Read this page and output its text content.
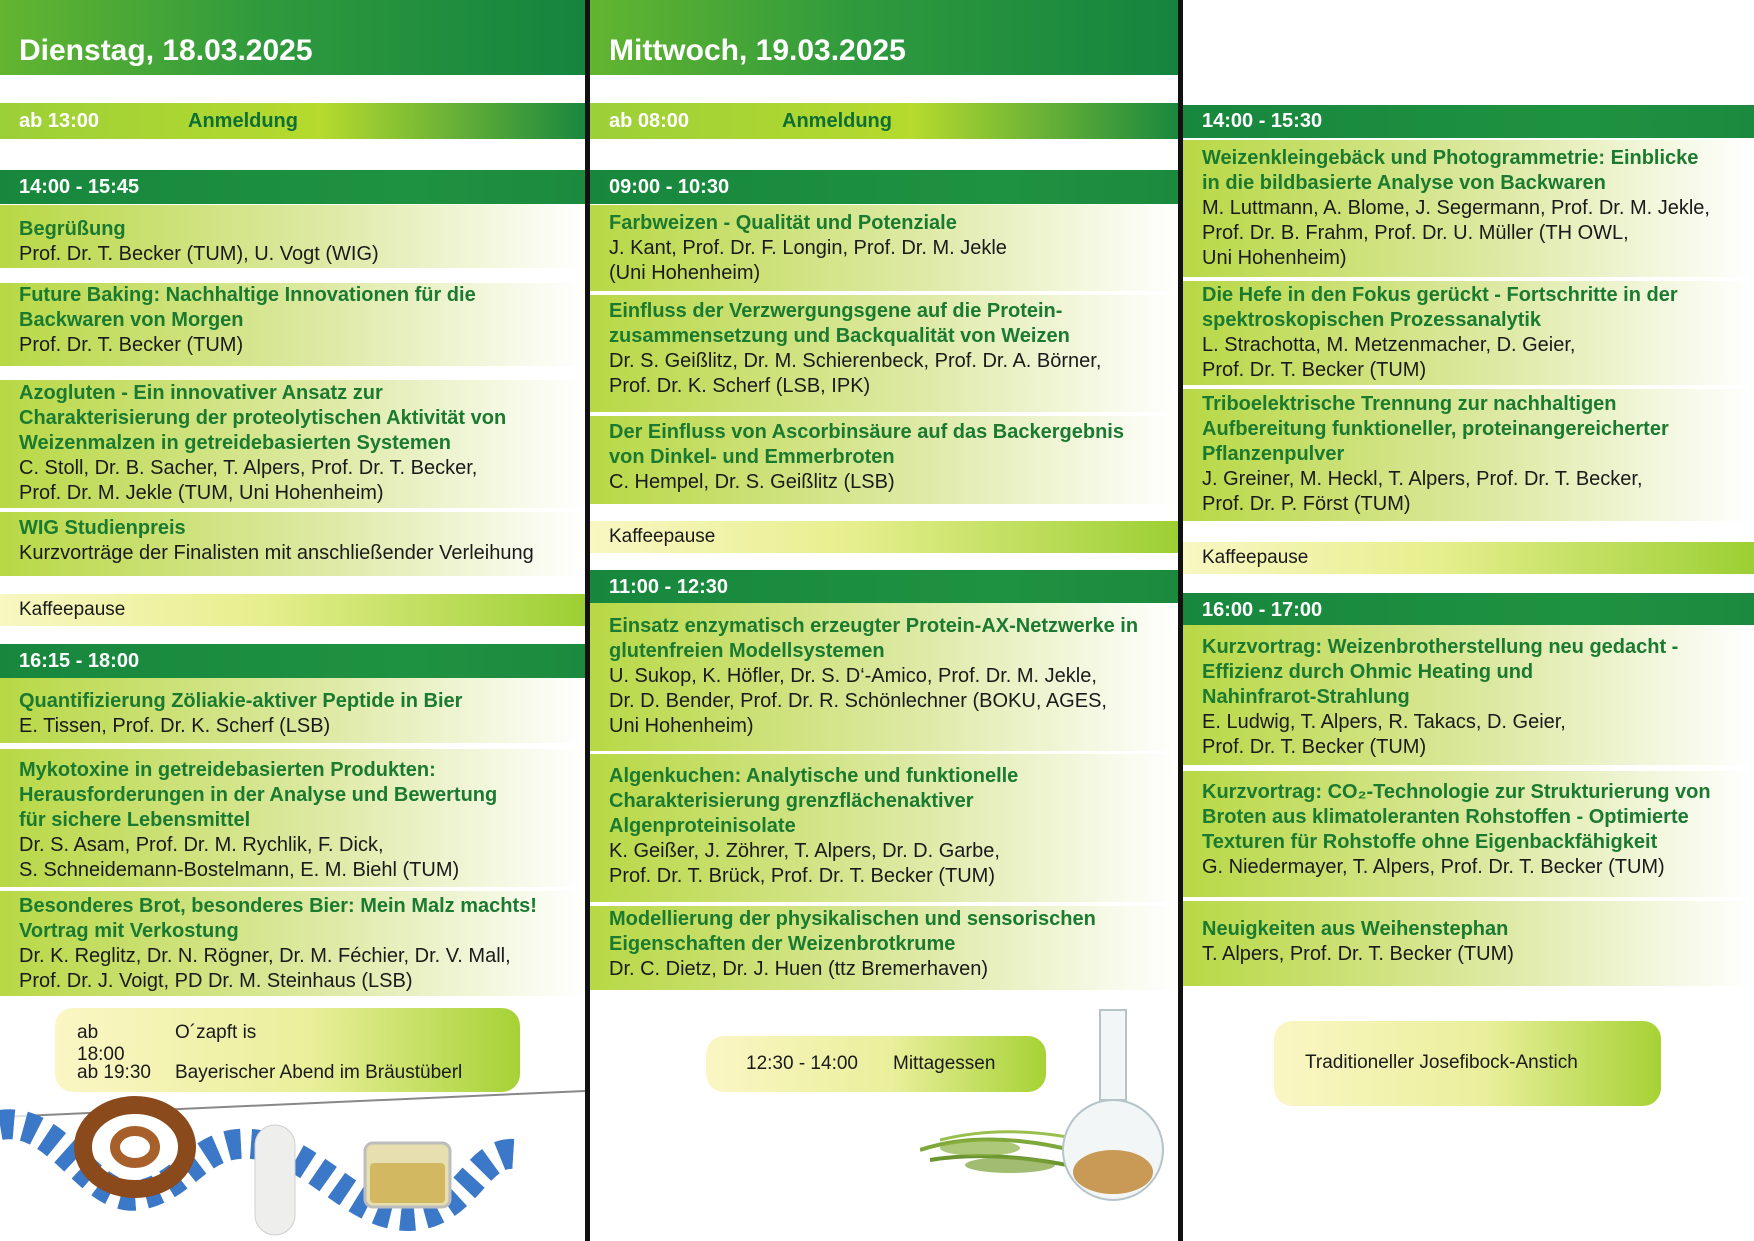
Dienstag, 18.03.2025
ab 13:00	Anmeldung
14:00 - 15:45
Begrüßung
Prof. Dr. T. Becker (TUM), U. Vogt (WIG)
Future Baking: Nachhaltige Innovationen für die
Backwaren von Morgen
Prof. Dr. T. Becker (TUM)
Azogluten - Ein innovativer Ansatz zur
Charakterisierung der proteolytischen Aktivität von
Weizenmalzen in getreidebasierten Systemen
C. Stoll, Dr. B. Sacher, T. Alpers, Prof. Dr. T. Becker,
Prof. Dr. M. Jekle (TUM, Uni Hohenheim)
WIG Studienpreis
Kurzvorträge der Finalisten mit anschließender Verleihung
Kaffeepause
16:15 - 18:00
Quantifizierung Zöliakie-aktiver Peptide in Bier
E. Tissen, Prof. Dr. K. Scherf (LSB)
Mykotoxine in getreidebasierten Produkten:
Herausforderungen in der Analyse und Bewertung
für sichere Lebensmittel
Dr. S. Asam, Prof. Dr. M. Rychlik, F. Dick,
S. Schneidemann-Bostelmann, E. M. Biehl (TUM)
Besonderes Brot, besonderes Bier: Mein Malz machts!
Vortrag mit Verkostung
Dr. K. Reglitz, Dr. N. Rögner, Dr. M. Féchier, Dr. V. Mall,
Prof. Dr. J. Voigt, PD Dr. M. Steinhaus (LSB)
ab 18:00
O´zapft is
ab 19:30 Bayerischer Abend im Bräustüberl
Mittwoch, 19.03.2025
ab 08:00	Anmeldung
09:00 - 10:30
Farbweizen - Qualität und Potenziale
J. Kant, Prof. Dr. F. Longin, Prof. Dr. M. Jekle
(Uni Hohenheim)
Einfluss der Verzwergungsgene auf die Protein-
zusammensetzung und Backqualität von Weizen
Dr. S. Geißlitz, Dr. M. Schierenbeck, Prof. Dr. A. Börner,
Prof. Dr. K. Scherf (LSB, IPK)
Der Einfluss von Ascorbinsäure auf das Backergebnis
von Dinkel- und Emmerbroten
C. Hempel, Dr. S. Geißlitz (LSB)
Kaffeepause
11:00 - 12:30
Einsatz enzymatisch erzeugter Protein-AX-Netzwerke in
glutenfreien Modellsystemen
U. Sukop, K. Höfler, Dr. S. D‘-Amico, Prof. Dr. M. Jekle,
Dr. D. Bender, Prof. Dr. R. Schönlechner (BOKU, AGES,
Uni Hohenheim)
Algenkuchen: Analytische und funktionelle
Charakterisierung grenzflächenaktiver
Algenproteinisolate
K. Geißer, J. Zöhrer, T. Alpers, Dr. D. Garbe,
Prof. Dr. T. Brück, Prof. Dr. T. Becker (TUM)
Modellierung der physikalischen und sensorischen
Eigenschaften der Weizenbrotkrume
Dr. C. Dietz, Dr. J. Huen (ttz Bremerhaven)
12:30 - 14:00 Mittagessen
14:00 - 15:30
Weizenkleingebäck und Photogrammetrie: Einblicke
in die bildbasierte Analyse von Backwaren
M. Luttmann, A. Blome, J. Segermann, Prof. Dr. M. Jekle,
Prof. Dr. B. Frahm, Prof. Dr. U. Müller (TH OWL,
Uni Hohenheim)
Die Hefe in den Fokus gerückt - Fortschritte in der
spektroskopischen Prozessanalytik
L. Strachotta, M. Metzenmacher, D. Geier,
Prof. Dr. T. Becker (TUM)
Triboelektrische Trennung zur nachhaltigen
Aufbereitung funktioneller, proteinangereicherter
Pflanzenpulver
J. Greiner, M. Heckl, T. Alpers, Prof. Dr. T. Becker,
Prof. Dr. P. Först (TUM)
Kaffeepause
16:00 - 17:00
Kurzvortrag: Weizenbrotherstellung neu gedacht -
Effizienz durch Ohmic Heating und
Nahinfrarot-Strahlung
E. Ludwig, T. Alpers, R. Takacs, D. Geier,
Prof. Dr. T. Becker (TUM)
Kurzvortrag: CO₂-Technologie zur Strukturierung von
Broten aus klimatoleranten Rohstoffen - Optimierte
Texturen für Rohstoffe ohne Eigenbackfähigkeit
G. Niedermayer, T. Alpers, Prof. Dr. T. Becker (TUM)
Neuigkeiten aus Weihenstephan
T. Alpers, Prof. Dr. T. Becker (TUM)
Traditioneller Josefibock-Anstich
